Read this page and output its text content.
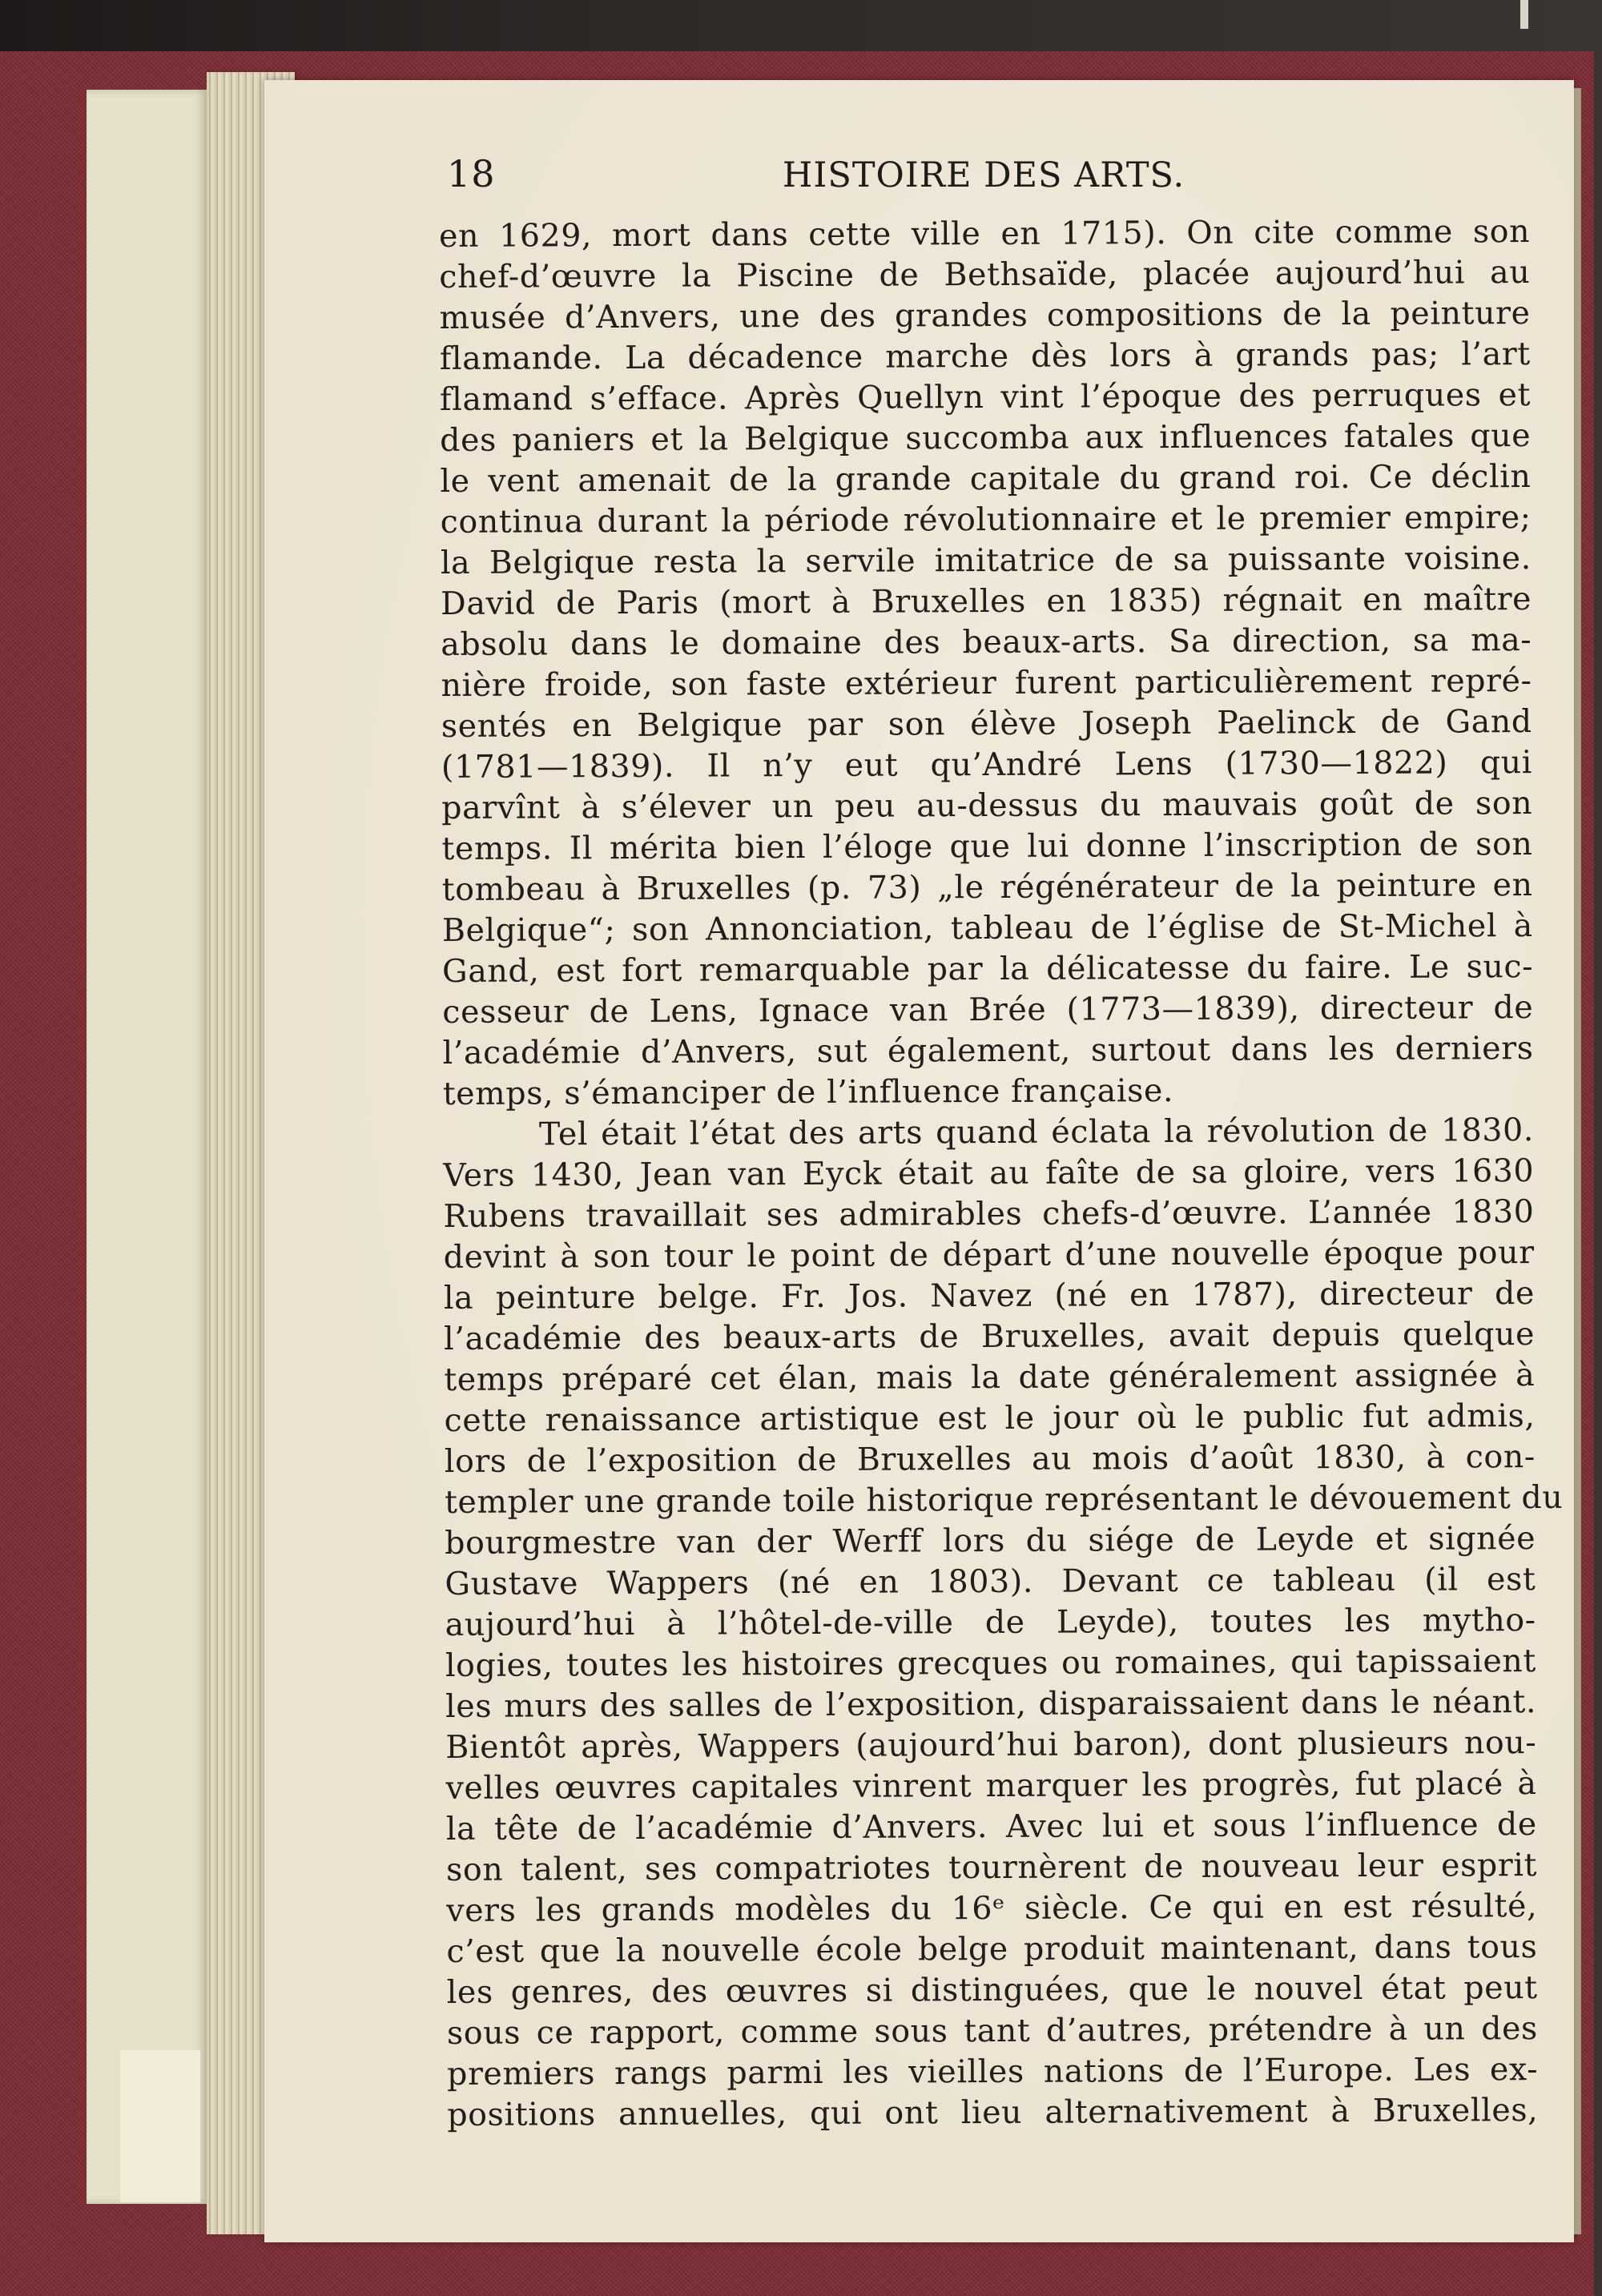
18	HISTOIRE DES ARTS.
en 1629, mort dans cette ville en 1715). On cite comme son
chef-d’œuvre la Piscine de Bethsaïde, placée aujourd’hui au
musée d’Anvers, une des grandes compositions de la peinture
flamande. La décadence marche dès lors à grands pas; l’art
flamand s’efface. Après Quellyn vint l’époque des perruques et
des paniers et la Belgique succomba aux influences fatales que
le vent amenait de la grande capitale du grand roi. Ce déclin
continua durant la période révolutionnaire et le premier empire;
la Belgique resta la servile imitatrice de sa puissante voisine.
David de Paris (mort à Bruxelles en 1835) régnait en maître
absolu dans le domaine des beaux-arts. Sa direction, sa ma-
nière froide, son faste extérieur furent particulièrement repré-
sentés en Belgique par son élève Joseph Paelinck de Gand
(1781—1839). Il n’y eut qu’André Lens (1730—1822) qui
parvînt à s’élever un peu au-dessus du mauvais goût de son
temps. Il mérita bien l’éloge que lui donne l’inscription de son
tombeau à Bruxelles (p. 73) „le régénérateur de la peinture en
Belgique“; son Annonciation, tableau de l’église de St-Michel à
Gand, est fort remarquable par la délicatesse du faire. Le suc-
cesseur de Lens, Ignace van Brée (1773—1839), directeur de
l’académie d’Anvers, sut également, surtout dans les derniers
temps, s’émanciper de l’influence française.
Tel était l’état des arts quand éclata la révolution de 1830.
Vers 1430, Jean van Eyck était au faîte de sa gloire, vers 1630
Rubens travaillait ses admirables chefs-d’œuvre. L’année 1830
devint à son tour le point de départ d’une nouvelle époque pour
la peinture belge. Fr. Jos. Navez (né en 1787), directeur de
l’académie des beaux-arts de Bruxelles, avait depuis quelque
temps préparé cet élan, mais la date généralement assignée à
cette renaissance artistique est le jour où le public fut admis,
lors de l’exposition de Bruxelles au mois d’août 1830, à con-
templer une grande toile historique représentant le dévouement du
bourgmestre van der Werff lors du siége de Leyde et signée
Gustave Wappers (né en 1803). Devant ce tableau (il est
aujourd’hui à l’hôtel-de-ville de Leyde), toutes les mytho-
logies, toutes les histoires grecques ou romaines, qui tapissaient
les murs des salles de l’exposition, disparaissaient dans le néant.
Bientôt après, Wappers (aujourd’hui baron), dont plusieurs nou-
velles œuvres capitales vinrent marquer les progrès, fut placé à
la tête de l’académie d’Anvers. Avec lui et sous l’influence de
son talent, ses compatriotes tournèrent de nouveau leur esprit
vers les grands modèles du 16ᵉ siècle. Ce qui en est résulté,
c’est que la nouvelle école belge produit maintenant, dans tous
les genres, des œuvres si distinguées, que le nouvel état peut
sous ce rapport, comme sous tant d’autres, prétendre à un des
premiers rangs parmi les vieilles nations de l’Europe. Les ex-
positions annuelles, qui ont lieu alternativement à Bruxelles,
